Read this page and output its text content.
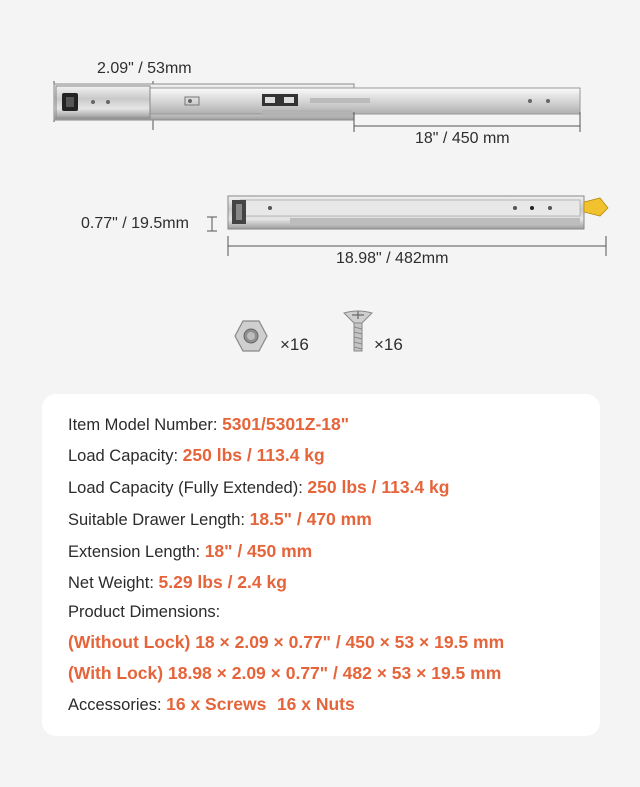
2.09" / 53mm
18" / 450 mm
0.77" / 19.5mm
18.98" / 482mm
×16	×16
Item Model Number: 5301/5301Z-18"
Load Capacity: 250 lbs / 113.4 kg
Load Capacity (Fully Extended): 250 lbs / 113.4 kg
Suitable Drawer Length: 18.5" / 470 mm
Extension Length: 18" / 450 mm
Net Weight: 5.29 lbs / 2.4 kg
Product Dimensions:
(Without Lock) 18 × 2.09 × 0.77" / 450 × 53 × 19.5 mm
(With Lock) 18.98 × 2.09 × 0.77" / 482 × 53 × 19.5 mm
Accessories: 16 x Screws 16 x Nuts
